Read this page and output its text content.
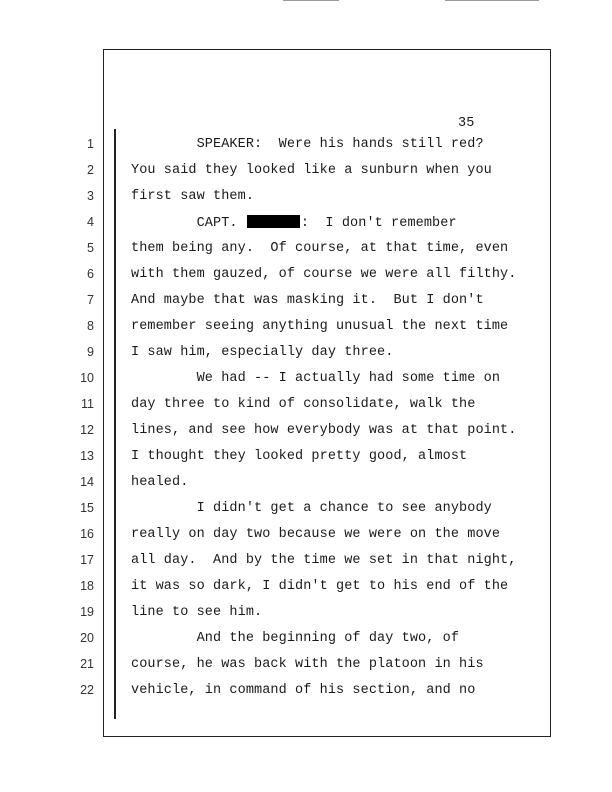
35
1	SPEAKER:  Were his hands still red?
2	You said they looked like a sunburn when you
3	first saw them.
4	CAPT.	:  I don't remember
5	them being any.  Of course, at that time, even
6	with them gauzed, of course we were all filthy.
7	And maybe that was masking it.  But I don't
8	remember seeing anything unusual the next time
9	I saw him, especially day three.
10	We had -- I actually had some time on
11	day three to kind of consolidate, walk the
12	lines, and see how everybody was at that point.
13	I thought they looked pretty good, almost
14	healed.
15	I didn't get a chance to see anybody
16	really on day two because we were on the move
17	all day.  And by the time we set in that night,
18	it was so dark, I didn't get to his end of the
19	line to see him.
20	And the beginning of day two, of
21	course, he was back with the platoon in his
22	vehicle, in command of his section, and no
